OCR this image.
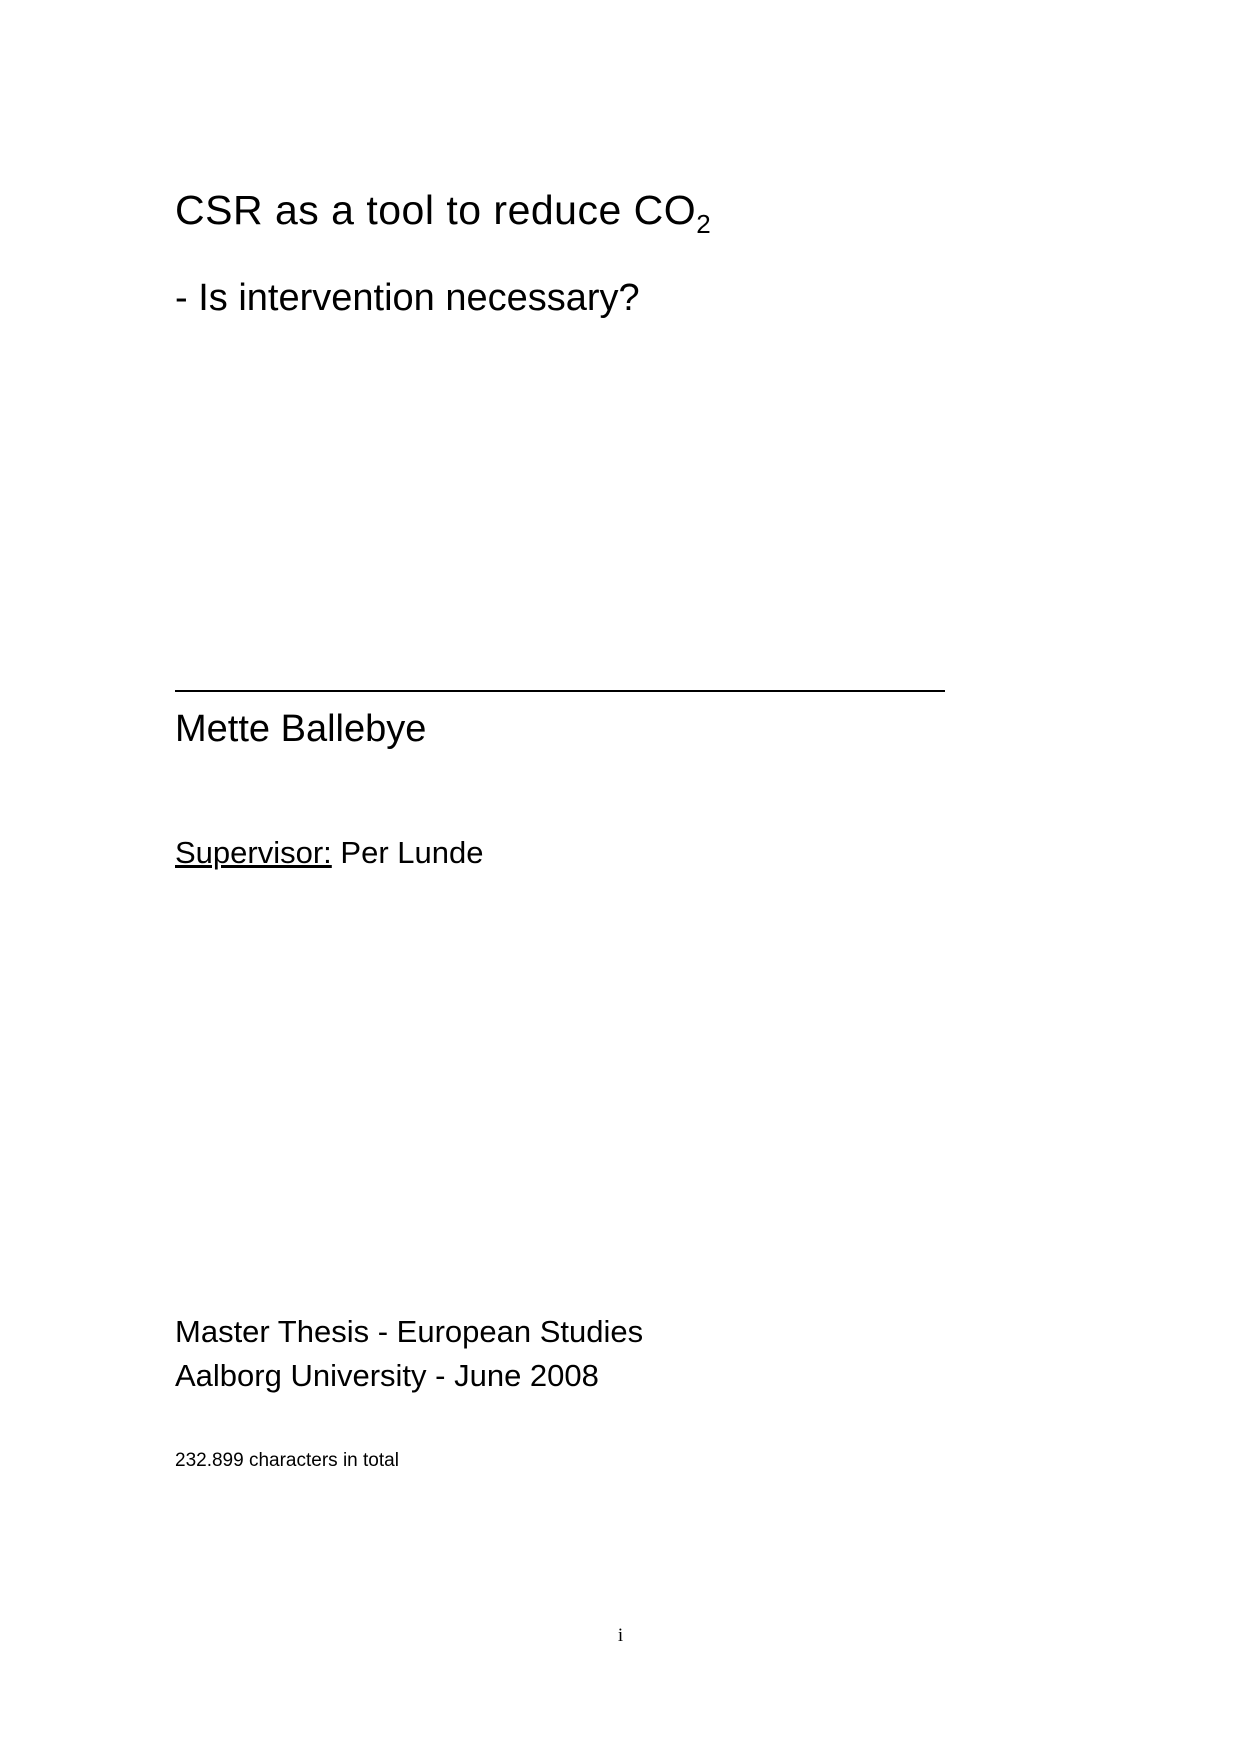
CSR as a tool to reduce $CO_2$
- Is intervention necessary?
Mette Ballebye
Supervisor: Per Lunde
Master Thesis - European Studies
Aalborg University - June 2008
232.899 characters in total
i
